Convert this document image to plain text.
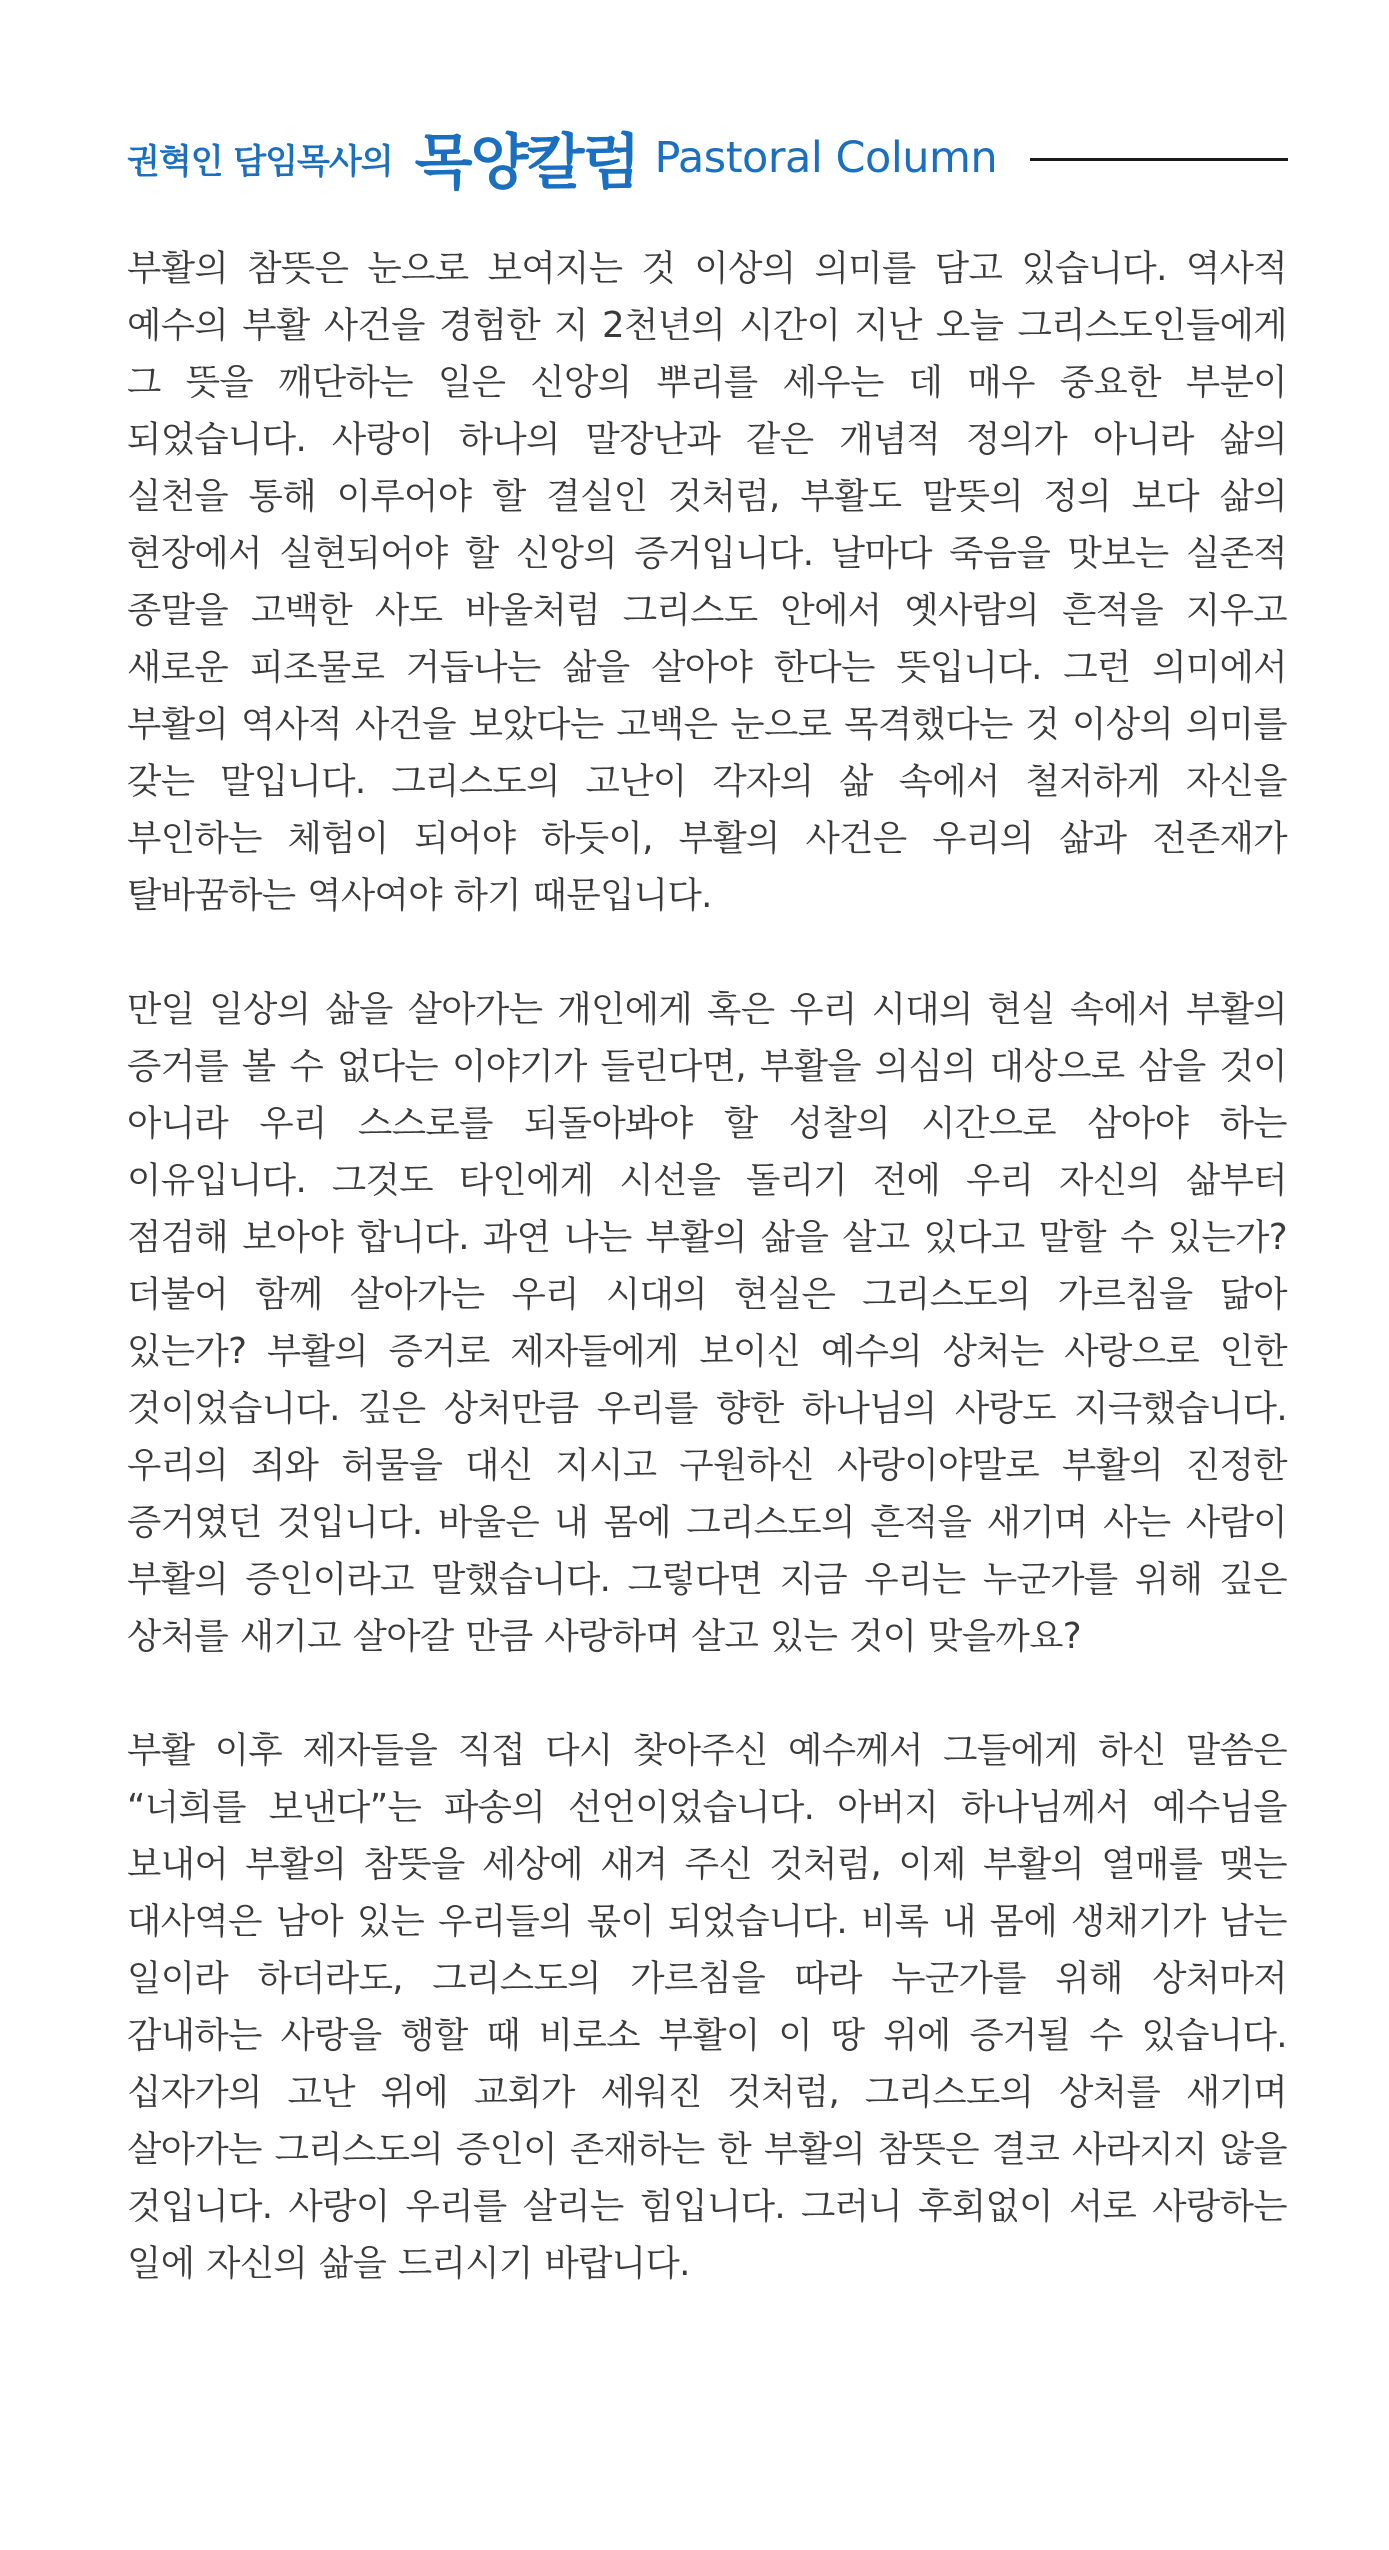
권혁인 담임목사의 목양칼럼 Pastoral Column

부활의 참뜻은 눈으로 보여지는 것 이상의 의미를 담고 있습니다. 역사적 예수의 부활 사건을 경험한 지 2천년의 시간이 지난 오늘 그리스도인들에게 그 뜻을 깨단하는 일은 신앙의 뿌리를 세우는 데 매우 중요한 부분이 되었습니다. 사랑이 하나의 말장난과 같은 개념적 정의가 아니라 삶의 실천을 통해 이루어야 할 결실인 것처럼, 부활도 말뜻의 정의 보다 삶의 현장에서 실현되어야 할 신앙의 증거입니다. 날마다 죽음을 맛보는 실존적 종말을 고백한 사도 바울처럼 그리스도 안에서 옛사람의 흔적을 지우고 새로운 피조물로 거듭나는 삶을 살아야 한다는 뜻입니다. 그런 의미에서 부활의 역사적 사건을 보았다는 고백은 눈으로 목격했다는 것 이상의 의미를 갖는 말입니다. 그리스도의 고난이 각자의 삶 속에서 철저하게 자신을 부인하는 체험이 되어야 하듯이, 부활의 사건은 우리의 삶과 전존재가 탈바꿈하는 역사여야 하기 때문입니다.

만일 일상의 삶을 살아가는 개인에게 혹은 우리 시대의 현실 속에서 부활의 증거를 볼 수 없다는 이야기가 들린다면, 부활을 의심의 대상으로 삼을 것이 아니라 우리 스스로를 되돌아봐야 할 성찰의 시간으로 삼아야 하는 이유입니다. 그것도 타인에게 시선을 돌리기 전에 우리 자신의 삶부터 점검해 보아야 합니다. 과연 나는 부활의 삶을 살고 있다고 말할 수 있는가? 더불어 함께 살아가는 우리 시대의 현실은 그리스도의 가르침을 닮아 있는가? 부활의 증거로 제자들에게 보이신 예수의 상처는 사랑으로 인한 것이었습니다. 깊은 상처만큼 우리를 향한 하나님의 사랑도 지극했습니다. 우리의 죄와 허물을 대신 지시고 구원하신 사랑이야말로 부활의 진정한 증거였던 것입니다. 바울은 내 몸에 그리스도의 흔적을 새기며 사는 사람이 부활의 증인이라고 말했습니다. 그렇다면 지금 우리는 누군가를 위해 깊은 상처를 새기고 살아갈 만큼 사랑하며 살고 있는 것이 맞을까요?

부활 이후 제자들을 직접 다시 찾아주신 예수께서 그들에게 하신 말씀은 “너희를 보낸다”는 파송의 선언이었습니다. 아버지 하나님께서 예수님을 보내어 부활의 참뜻을 세상에 새겨 주신 것처럼, 이제 부활의 열매를 맺는 대사역은 남아 있는 우리들의 몫이 되었습니다. 비록 내 몸에 생채기가 남는 일이라 하더라도, 그리스도의 가르침을 따라 누군가를 위해 상처마저 감내하는 사랑을 행할 때 비로소 부활이 이 땅 위에 증거될 수 있습니다. 십자가의 고난 위에 교회가 세워진 것처럼, 그리스도의 상처를 새기며 살아가는 그리스도의 증인이 존재하는 한 부활의 참뜻은 결코 사라지지 않을 것입니다. 사랑이 우리를 살리는 힘입니다. 그러니 후회없이 서로 사랑하는 일에 자신의 삶을 드리시기 바랍니다.
